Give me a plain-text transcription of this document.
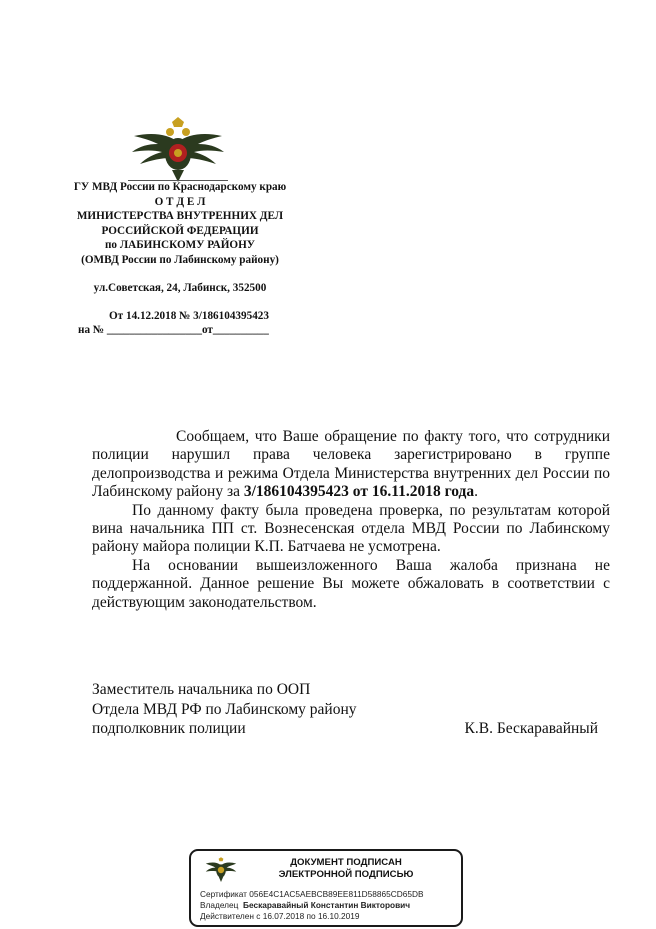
ГУ МВД России по Краснодарскому краю
О Т Д Е Л
МИНИСТЕРСТВА ВНУТРЕННИХ ДЕЛ
РОССИЙСКОЙ ФЕДЕРАЦИИ
по ЛАБИНСКОМУ РАЙОНУ
(ОМВД России по Лабинскому району)
ул.Советская, 24, Лабинск, 352500
От 14.12.2018 № 3/186104395423
на № _________________от__________

Сообщаем, что Ваше обращение по факту того, что сотрудники полиции нарушил права человека зарегистрировано в группе делопроизводства и режима Отдела Министерства внутренних дел России по Лабинскому району за 3/186104395423 от 16.11.2018 года.

По данному факту была проведена проверка, по результатам которой вина начальника ПП ст. Вознесенская отдела МВД России по Лабинскому району майора полиции К.П. Батчаева не усмотрена.

На основании вышеизложенного Ваша жалоба признана не поддержанной. Данное решение Вы можете обжаловать в соответствии с действующим законодательством.

Заместитель начальника по ООП
Отдела МВД РФ по Лабинскому району
подполковник полиции	К.В. Бескаравайный
ДОКУМЕНТ ПОДПИСАН
ЭЛЕКТРОННОЙ ПОДПИСЬЮ
Сертификат 056E4C1AC5AEBCB89EE811D58865CD65DB
Владелец Бескаравайный Константин Викторович
Действителен с 16.07.2018 по 16.10.2019
